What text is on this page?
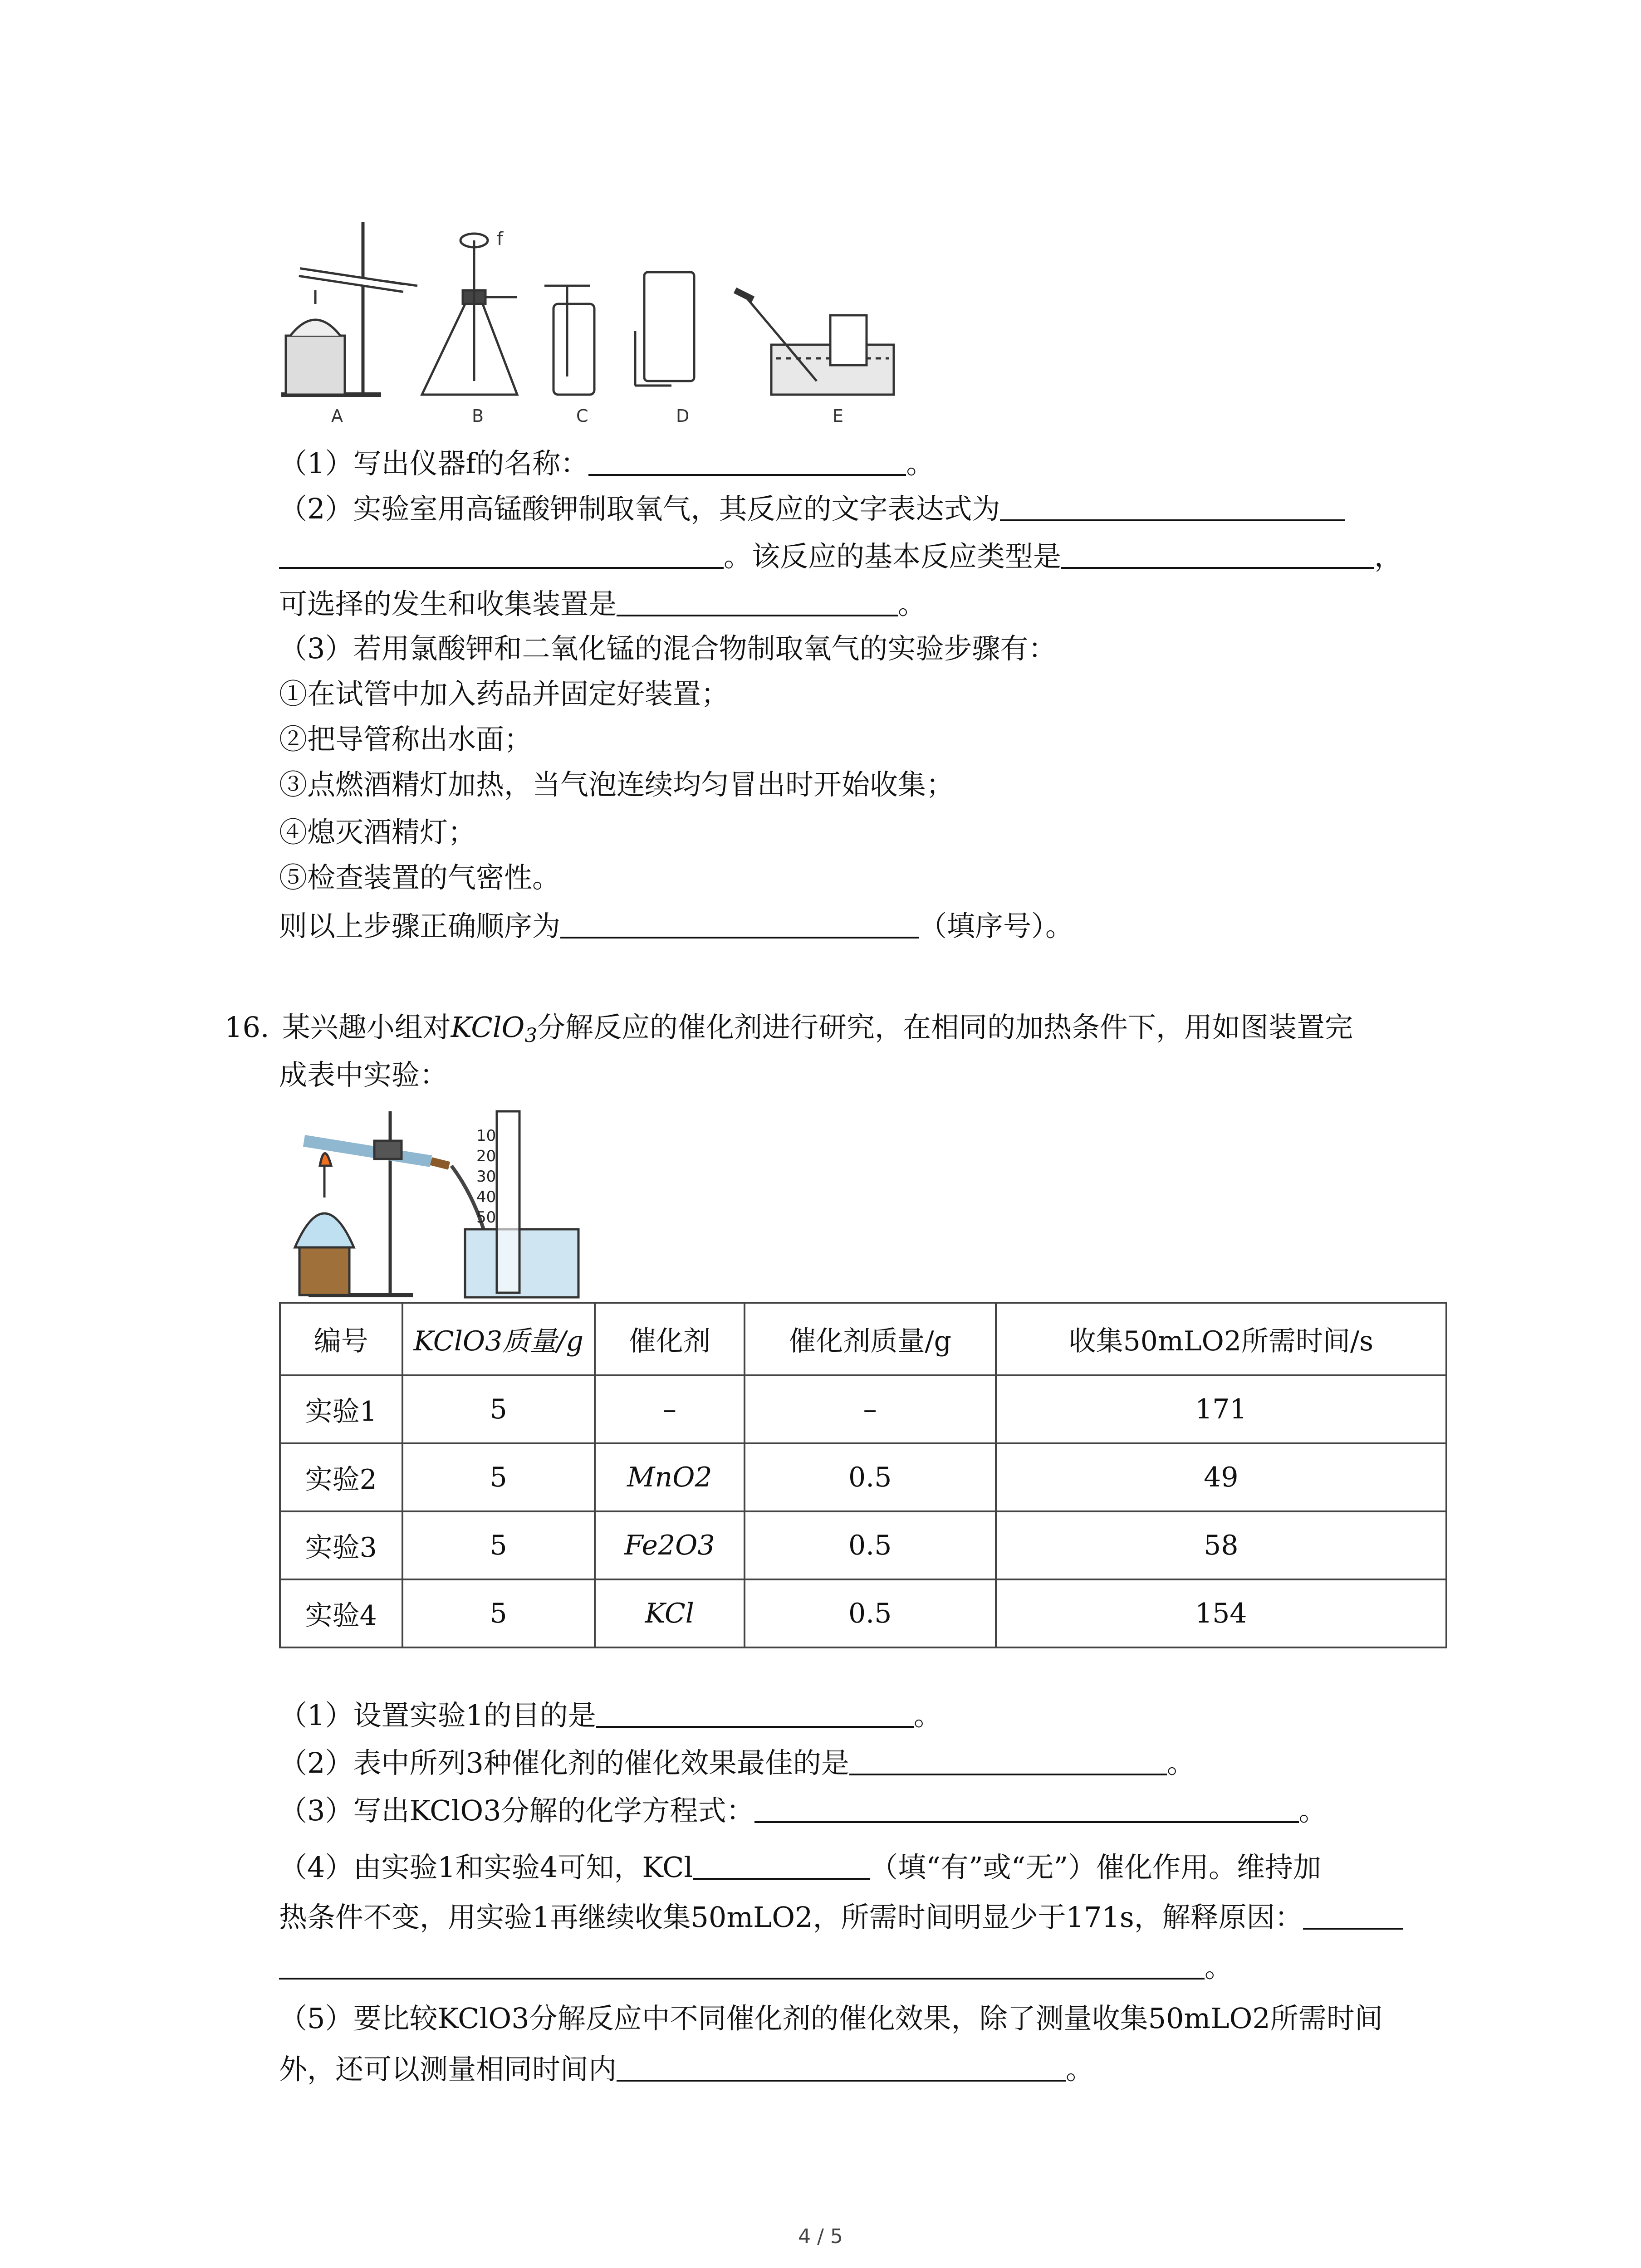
f
A	B	C	D	E
（1）写出仪器f的名称：	。
（2）实验室用高锰酸钾制取氧气，其反应的文字表达式为
。该反应的基本反应类型是	，
可选择的发生和收集装置是	。
（3）若用氯酸钾和二氧化锰的混合物制取氧气的实验步骤有：
①在试管中加入药品并固定好装置；
②把导管称出水面；
③点燃酒精灯加热，当气泡连续均匀冒出时开始收集；
④熄灭酒精灯；
⑤检查装置的气密性。
则以上步骤正确顺序为	（填序号）。
16. 某兴趣小组对KClO$_3$分解反应的催化剂进行研究，在相同的加热条件下，用如图装置完
成表中实验：
10
20
30
40
50
编号	KClO3质量/g	催化剂	催化剂质量/g	收集50mLO2所需时间/s
实验1	5	–	–	171
实验2	5	MnO2	0.5	49
实验3	5	Fe2O3	0.5	58
实验4	5	KCl	0.5	154
（1）设置实验1的目的是	。
（2）表中所列3种催化剂的催化效果最佳的是	。
（3）写出KClO3分解的化学方程式：	。
（4）由实验1和实验4可知，KCl	（填“有”或“无”）催化作用。维持加
热条件不变，用实验1再继续收集50mLO2，所需时间明显少于171s，解释原因：
。
（5）要比较KClO3分解反应中不同催化剂的催化效果，除了测量收集50mLO2所需时间
外，还可以测量相同时间内	。
4 / 5
